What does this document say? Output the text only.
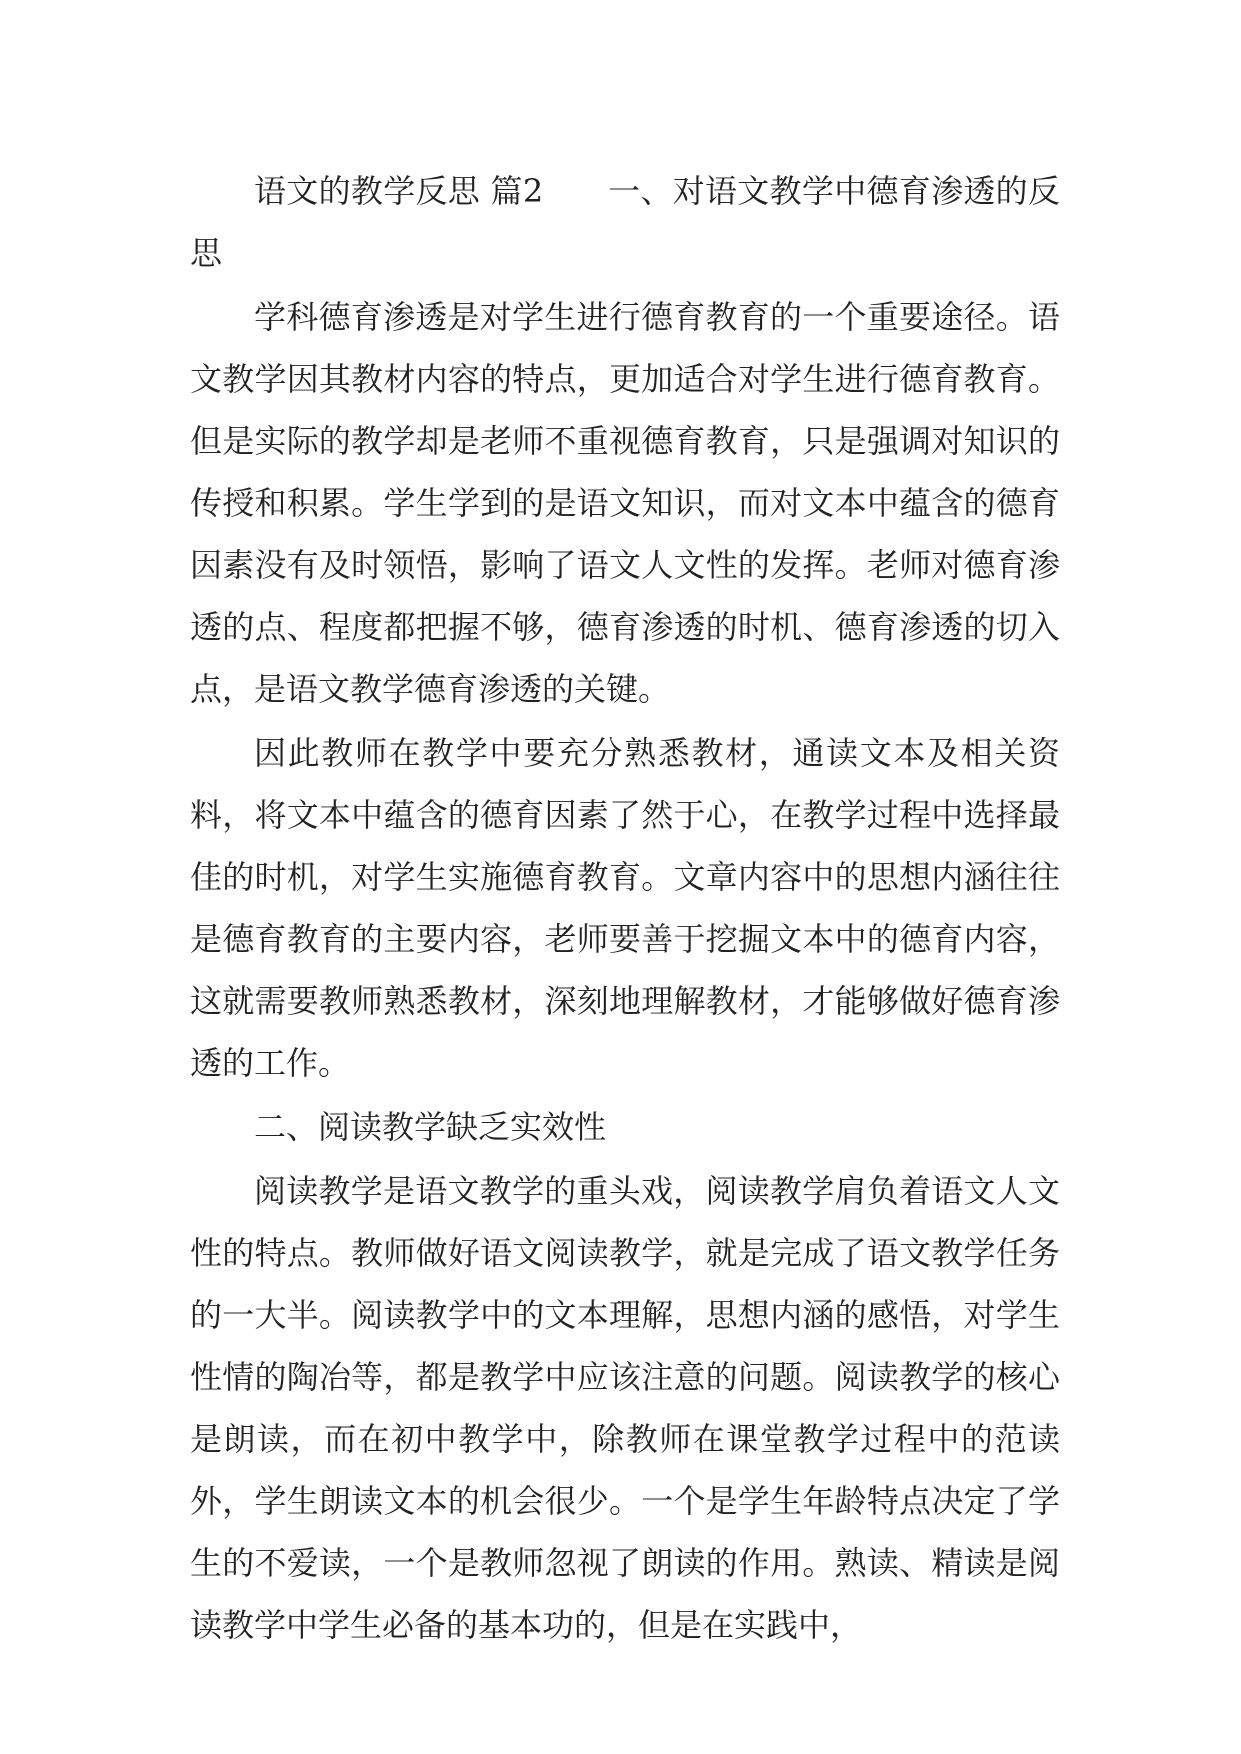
语文的教学反思 篇2　　一、对语文教学中德育渗透的反思

学科德育渗透是对学生进行德育教育的一个重要途径。语文教学因其教材内容的特点，更加适合对学生进行德育教育。但是实际的教学却是老师不重视德育教育，只是强调对知识的传授和积累。学生学到的是语文知识，而对文本中蕴含的德育因素没有及时领悟，影响了语文人文性的发挥。老师对德育渗透的点、程度都把握不够，德育渗透的时机、德育渗透的切入点，是语文教学德育渗透的关键。

因此教师在教学中要充分熟悉教材，通读文本及相关资料，将文本中蕴含的德育因素了然于心，在教学过程中选择最佳的时机，对学生实施德育教育。文章内容中的思想内涵往往是德育教育的主要内容，老师要善于挖掘文本中的德育内容，这就需要教师熟悉教材，深刻地理解教材，才能够做好德育渗透的工作。

二、阅读教学缺乏实效性

阅读教学是语文教学的重头戏，阅读教学肩负着语文人文性的特点。教师做好语文阅读教学，就是完成了语文教学任务的一大半。阅读教学中的文本理解，思想内涵的感悟，对学生性情的陶冶等，都是教学中应该注意的问题。阅读教学的核心是朗读，而在初中教学中，除教师在课堂教学过程中的范读外，学生朗读文本的机会很少。一个是学生年龄特点决定了学生的不爱读，一个是教师忽视了朗读的作用。熟读、精读是阅读教学中学生必备的基本功的，但是在实践中，
